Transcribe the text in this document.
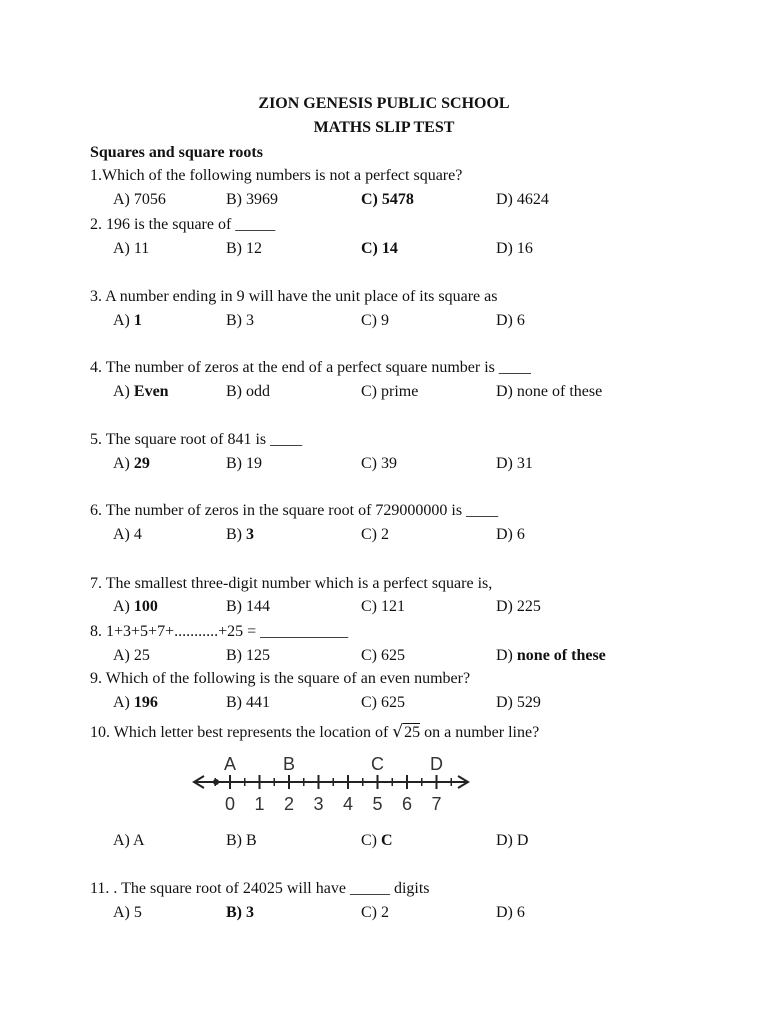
ZION GENESIS PUBLIC SCHOOL
MATHS SLIP TEST
Squares and square roots
1.Which of the following numbers is not a perfect square?
A) 7056	B) 3969	C) 5478	D) 4624
2. 196 is the square of _____
A) 11	B) 12	C) 14	D) 16
3. A number ending in 9 will have the unit place of its square as
A) 1	B) 3	C) 9	D) 6
4. The number of zeros at the end of a perfect square number is ____
A) Even	B) odd	C) prime	D) none of these
5. The square root of 841 is ____
A) 29	B) 19	C) 39	D) 31
6. The number of zeros in the square root of 729000000 is ____
A) 4	B) 3	C) 2	D) 6
7. The smallest three-digit number which is a perfect square is,
A) 100	B) 144	C) 121	D) 225
8. 1+3+5+7+...........+25 = ___________
A) 25	B) 125	C) 625	D) none of these
9. Which of the following is the square of an even number?
A) 196	B) 441	C) 625	D) 529
10. Which letter best represents the location of √25 on a number line?
0 1 2 3 4 5 6 7
A	B	C	D
A) A	B) B	C) C	D) D
11. . The square root of 24025 will have _____ digits
A) 5	B) 3	C) 2	D) 6
